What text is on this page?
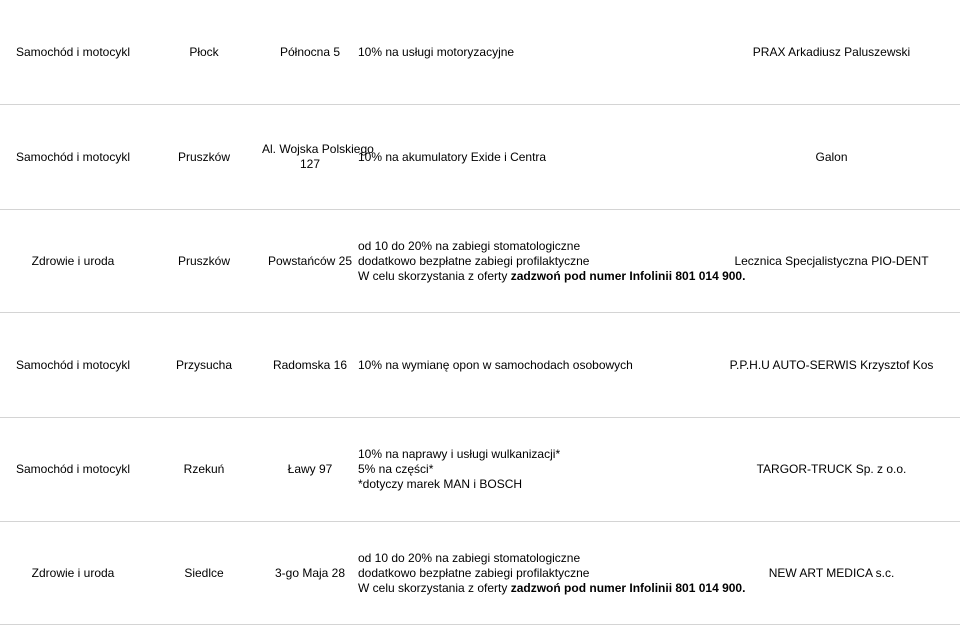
Samochód i motocykl	Płock	Północna 5	10% na usługi motoryzacyjne	PRAX Arkadiusz Paluszewski
Samochód i motocykl	Pruszków	Al. Wojska Polskiego
127	10% na akumulatory Exide i Centra	Galon
Zdrowie i uroda	Pruszków	Powstańców 25	od 10 do 20% na zabiegi stomatologiczne
dodatkowo bezpłatne zabiegi profilaktyczne
W celu skorzystania z oferty zadzwoń pod numer Infolinii 801 014 900.	Lecznica Specjalistyczna PIO-DENT
Samochód i motocykl	Przysucha	Radomska 16	10% na wymianę opon w samochodach osobowych	P.P.H.U AUTO-SERWIS Krzysztof Kos
Samochód i motocykl	Rzekuń	Ławy 97	10% na naprawy i usługi wulkanizacji*
5% na części*
*dotyczy marek MAN i BOSCH	TARGOR-TRUCK Sp. z o.o.
Zdrowie i uroda	Siedlce	3-go Maja 28	od 10 do 20% na zabiegi stomatologiczne
dodatkowo bezpłatne zabiegi profilaktyczne
W celu skorzystania z oferty zadzwoń pod numer Infolinii 801 014 900.	NEW ART MEDICA s.c.
